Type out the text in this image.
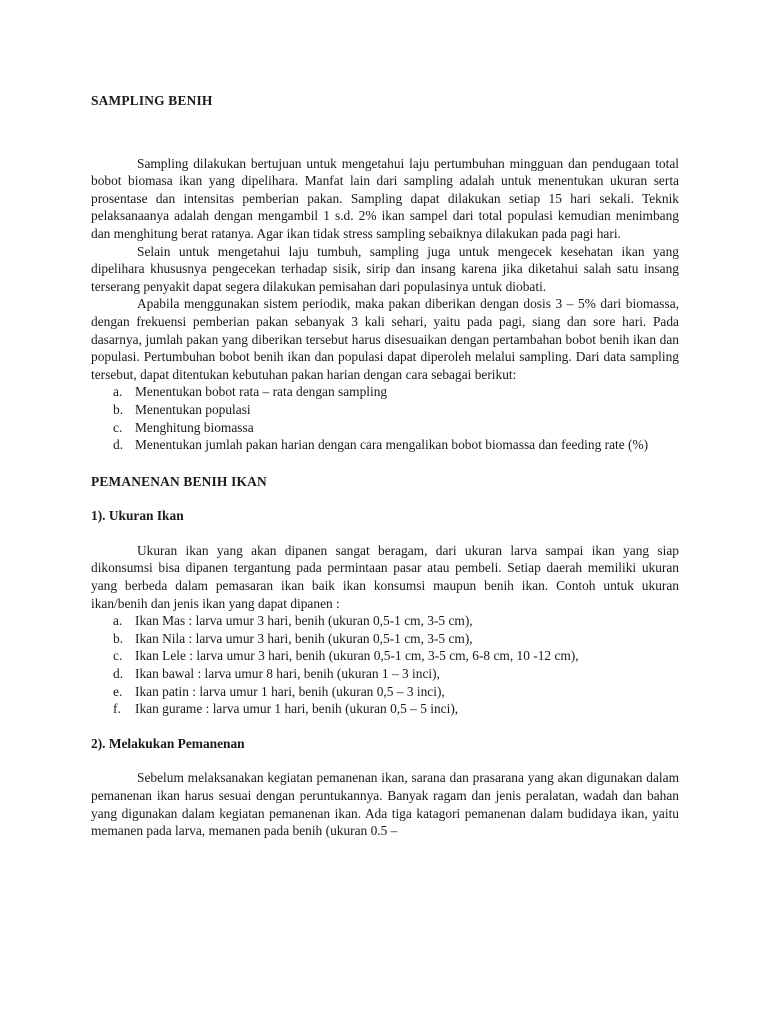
SAMPLING BENIH

Sampling dilakukan bertujuan untuk mengetahui laju pertumbuhan mingguan dan pendugaan total bobot biomasa ikan yang dipelihara. Manfat lain dari sampling adalah untuk menentukan ukuran serta prosentase dan intensitas pemberian pakan. Sampling dapat dilakukan setiap 15 hari sekali. Teknik pelaksanaanya adalah dengan mengambil 1 s.d. 2% ikan sampel dari total populasi kemudian menimbang dan menghitung berat ratanya. Agar ikan tidak stress sampling sebaiknya dilakukan pada pagi hari.

Selain untuk mengetahui laju tumbuh, sampling juga untuk mengecek kesehatan ikan yang dipelihara khususnya pengecekan terhadap sisik, sirip dan insang karena jika diketahui salah satu insang terserang penyakit dapat segera dilakukan pemisahan dari populasinya untuk diobati.

Apabila menggunakan sistem periodik, maka pakan diberikan dengan dosis 3 – 5% dari biomassa, dengan frekuensi pemberian pakan sebanyak 3 kali sehari, yaitu pada pagi, siang dan sore hari. Pada dasarnya, jumlah pakan yang diberikan tersebut harus disesuaikan dengan pertambahan bobot benih ikan dan populasi. Pertumbuhan bobot benih ikan dan populasi dapat diperoleh melalui sampling. Dari data sampling tersebut, dapat ditentukan kebutuhan pakan harian dengan cara sebagai berikut:

a. Menentukan bobot rata – rata dengan sampling
b. Menentukan populasi
c. Menghitung biomassa
d. Menentukan jumlah pakan harian dengan cara mengalikan bobot biomassa dan feeding rate (%)
PEMANENAN BENIH IKAN
1). Ukuran Ikan

Ukuran ikan yang akan dipanen sangat beragam, dari ukuran larva sampai ikan yang siap dikonsumsi bisa dipanen tergantung pada permintaan pasar atau pembeli. Setiap daerah memiliki ukuran yang berbeda dalam pemasaran ikan baik ikan konsumsi maupun benih ikan. Contoh untuk ukuran ikan/benih dan jenis ikan yang dapat dipanen :

a. Ikan Mas : larva umur 3 hari, benih (ukuran 0,5-1 cm, 3-5 cm),
b. Ikan Nila : larva umur 3 hari, benih (ukuran 0,5-1 cm, 3-5 cm),
c. Ikan Lele : larva umur 3 hari, benih (ukuran 0,5-1 cm, 3-5 cm, 6-8 cm, 10 -12 cm),
d. Ikan bawal : larva umur 8 hari, benih (ukuran 1 – 3 inci),
e. Ikan patin : larva umur 1 hari, benih (ukuran 0,5 – 3 inci),
f. Ikan gurame : larva umur 1 hari, benih (ukuran 0,5 – 5 inci),
2). Melakukan Pemanenan

Sebelum melaksanakan kegiatan pemanenan ikan, sarana dan prasarana yang akan digunakan dalam pemanenan ikan harus sesuai dengan peruntukannya. Banyak ragam dan jenis peralatan, wadah dan bahan yang digunakan dalam kegiatan pemanenan ikan. Ada tiga katagori pemanenan dalam budidaya ikan, yaitu memanen pada larva, memanen pada benih (ukuran 0.5 –
